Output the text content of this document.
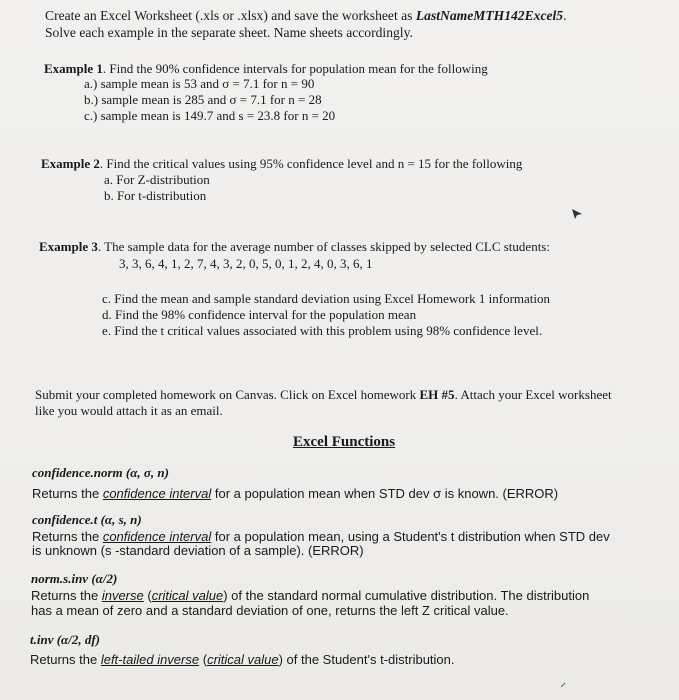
Create an Excel Worksheet (.xls or .xlsx) and save the worksheet as LastNameMTH142Excel5.
Solve each example in the separate sheet. Name sheets accordingly.
Example 1. Find the 90% confidence intervals for population mean for the following
a.) sample mean is 53 and σ = 7.1 for n = 90
b.) sample mean is 285 and σ = 7.1 for n = 28
c.) sample mean is 149.7 and s = 23.8 for n = 20
Example 2. Find the critical values using 95% confidence level and n = 15 for the following
a. For Z-distribution
b. For t-distribution
Example 3. The sample data for the average number of classes skipped by selected CLC students:
3, 3, 6, 4, 1, 2, 7, 4, 3, 2, 0, 5, 0, 1, 2, 4, 0, 3, 6, 1
c. Find the mean and sample standard deviation using Excel Homework 1 information
d. Find the 98% confidence interval for the population mean
e. Find the t critical values associated with this problem using 98% confidence level.
Submit your completed homework on Canvas. Click on Excel homework EH #5. Attach your Excel worksheet
like you would attach it as an email.
Excel Functions
confidence.norm (α, σ, n)
Returns the confidence interval for a population mean when STD dev σ is known. (ERROR)
confidence.t (α, s, n)
Returns the confidence interval for a population mean, using a Student's t distribution when STD dev
is unknown (s -standard deviation of a sample). (ERROR)
norm.s.inv (α/2)
Returns the inverse (critical value) of the standard normal cumulative distribution. The distribution
has a mean of zero and a standard deviation of one, returns the left Z critical value.
t.inv (α/2, df)
Returns the left-tailed inverse (critical value) of the Student's t-distribution.
